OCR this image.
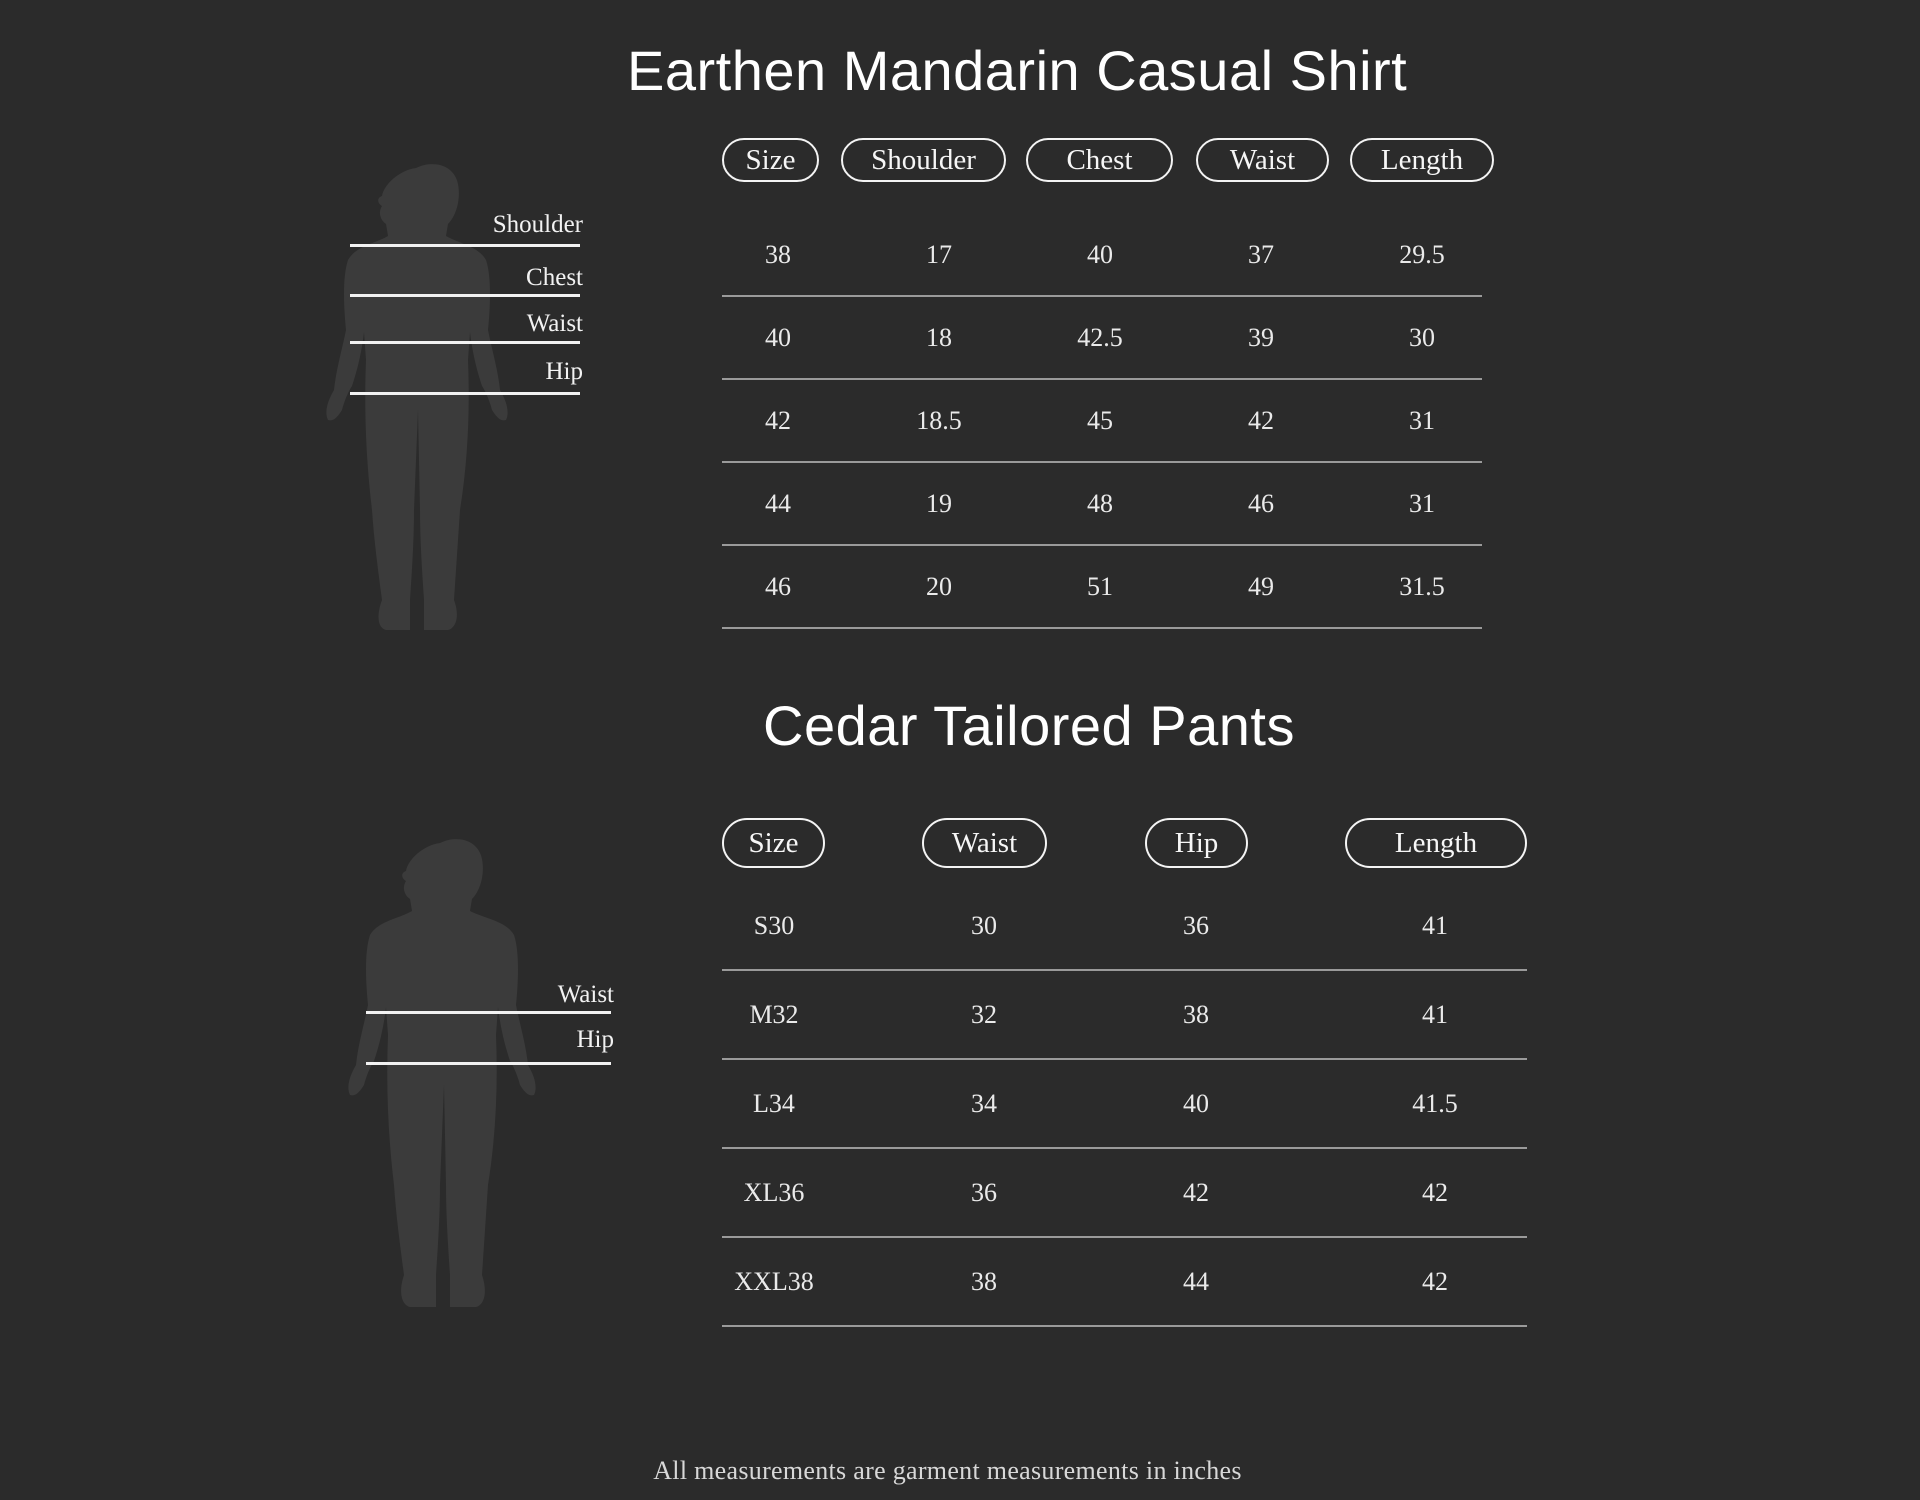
Earthen Mandarin Casual Shirt
Shoulder
Chest
Waist
Hip
Size	Shoulder	Chest	Waist	Length
38	17	40	37	29.5
40	18	42.5	39	30
42	18.5	45	42	31
44	19	48	46	31
46	20	51	49	31.5
Cedar Tailored Pants
Waist
Hip
Size	Waist	Hip	Length
S30	30	36	41
M32	32	38	41
L34	34	40	41.5
XL36	36	42	42
XXL38	38	44	42
All measurements are garment measurements in inches
